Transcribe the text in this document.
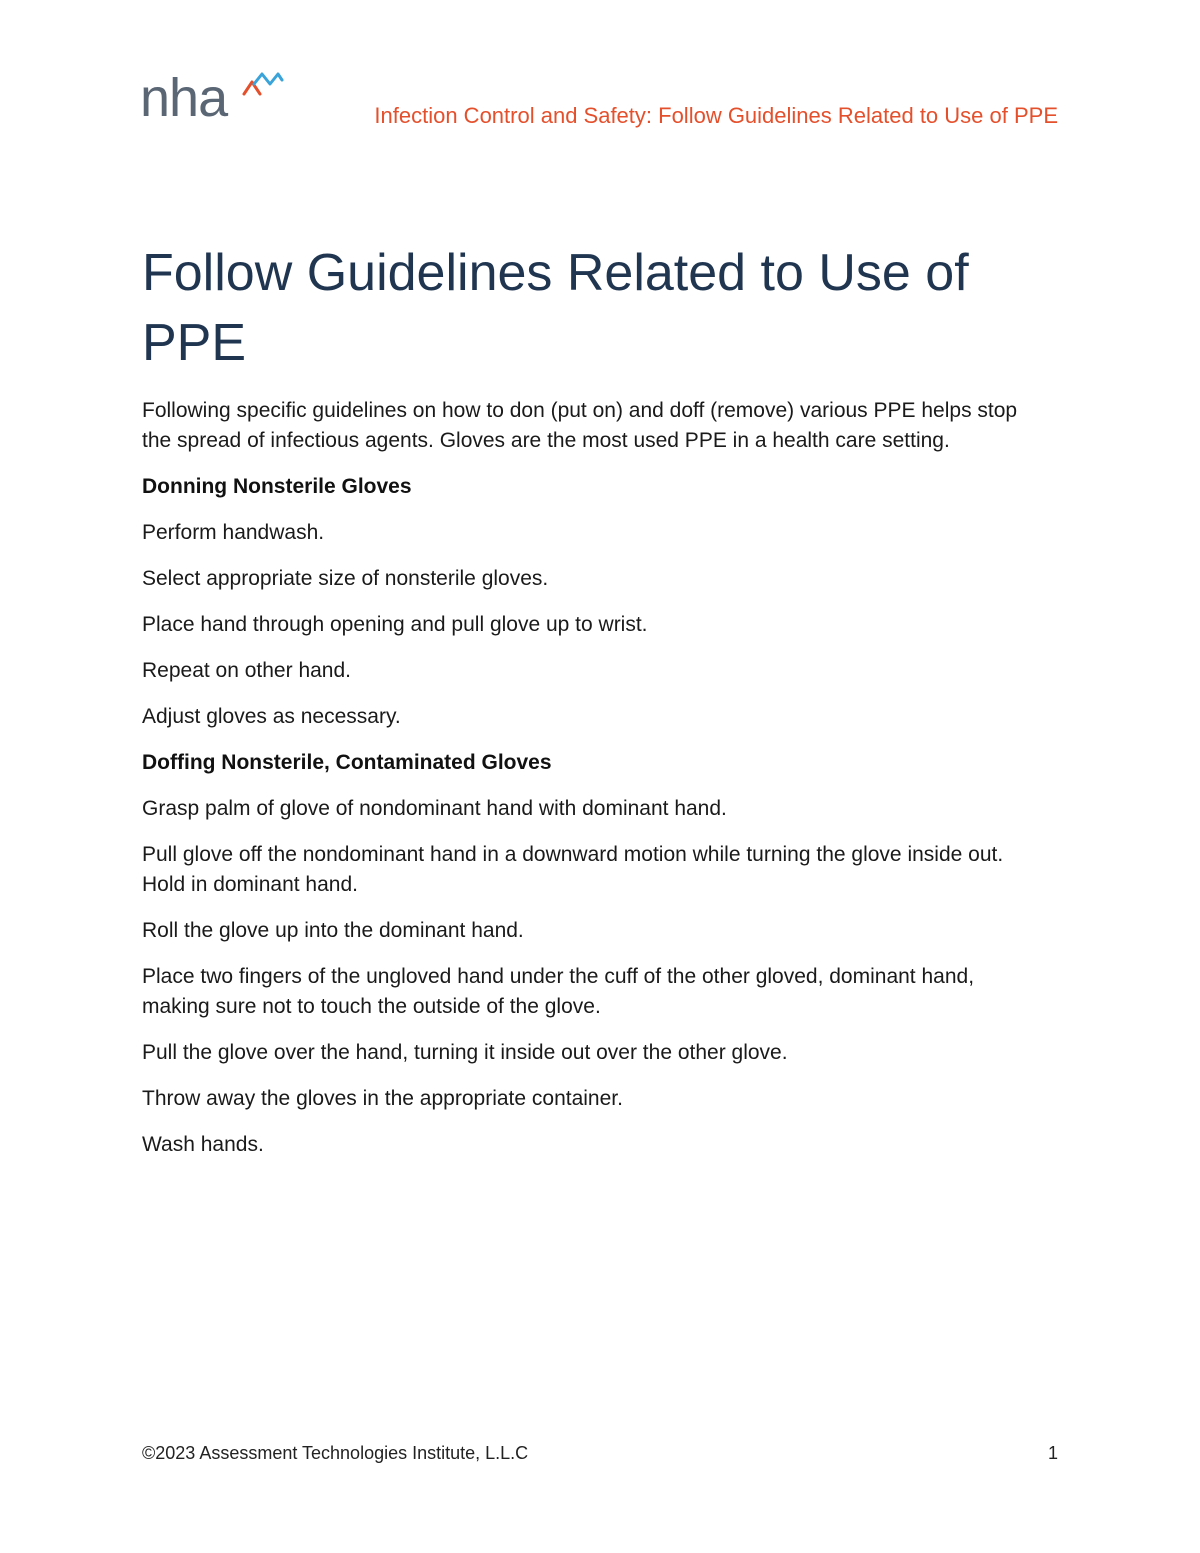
nha	Infection Control and Safety: Follow Guidelines Related to Use of PPE
Follow Guidelines Related to Use of PPE

Following specific guidelines on how to don (put on) and doff (remove) various PPE helps stop the spread of infectious agents. Gloves are the most used PPE in a health care setting.

Donning Nonsterile Gloves

Perform handwash.

Select appropriate size of nonsterile gloves.

Place hand through opening and pull glove up to wrist.

Repeat on other hand.

Adjust gloves as necessary.

Doffing Nonsterile, Contaminated Gloves

Grasp palm of glove of nondominant hand with dominant hand.

Pull glove off the nondominant hand in a downward motion while turning the glove inside out. Hold in dominant hand.

Roll the glove up into the dominant hand.

Place two fingers of the ungloved hand under the cuff of the other gloved, dominant hand, making sure not to touch the outside of the glove.

Pull the glove over the hand, turning it inside out over the other glove.

Throw away the gloves in the appropriate container.

Wash hands.

©2023 Assessment Technologies Institute, L.L.C	1
